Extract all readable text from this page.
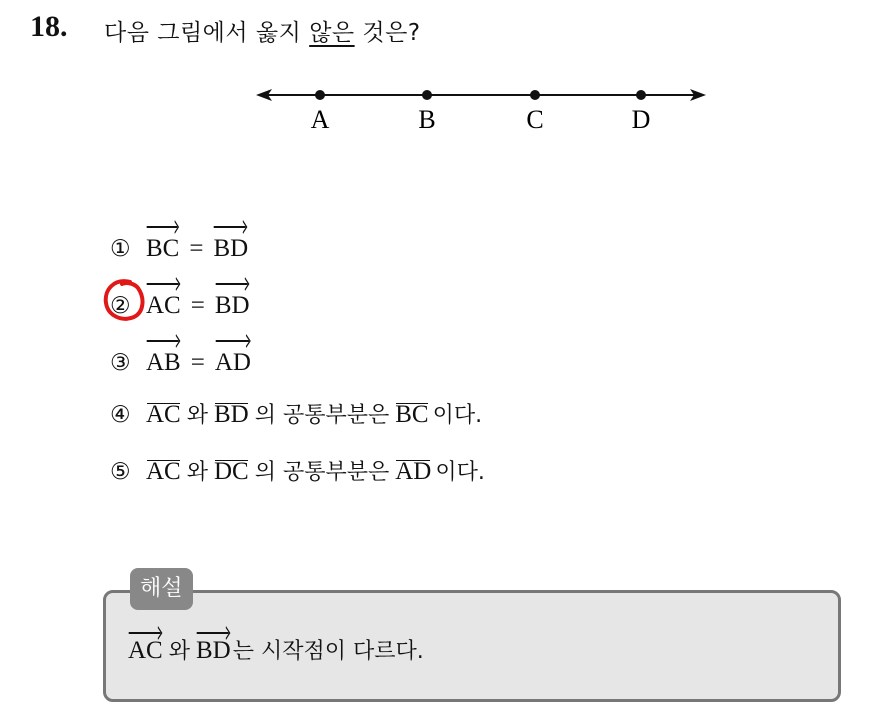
18. 다음 그림에서 옳지 않은 것은?
A	B	C	D
① BC = BD
② AC = BD
③ AB = AD
④ AC 와 BD 의 공통부분은 BC 이다.
⑤ AC 와 DC 의 공통부분은 AD 이다.
AC 와 BD는 시작점이 다르다.
해설
